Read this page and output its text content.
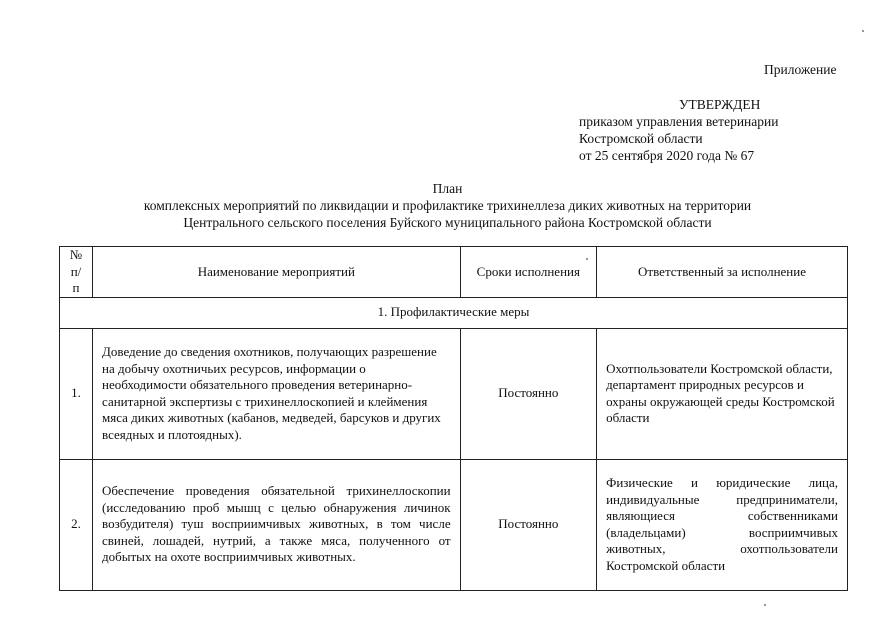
Приложение
УТВЕРЖДЕН
приказом управления ветеринарии
Костромской области
от 25 сентября 2020 года № 67
План
комплексных мероприятий по ликвидации и профилактике трихинеллеза диких животных на территории
Центрального сельского поселения Буйского муниципального района Костромской области
№ п/п	Наименование мероприятий	Сроки исполнения	Ответственный за исполнение
1. Профилактические меры			
1.	Доведение до сведения охотников, получающих разрешение на добычу охотничьих ресурсов, информации о необходимости обязательного проведения ветеринарно-санитарной экспертизы с трихинеллоскопией и клеймения мяса диких животных (кабанов, медведей, барсуков и других всеядных и плотоядных).	Постоянно	Охотпользователи Костромской области, департамент природных ресурсов и охраны окружающей среды Костромской области

2.	Обеспечение проведения обязательной трихинеллоскопии (исследованию проб мышц с целью обнаружения личинок возбудителя) туш восприимчивых животных, в том числе свиней, лошадей, нутрий, а также мяса, полученного от добытых на охоте восприимчивых животных.	Постоянно	Физические и юридические лица, индивидуальные предприниматели, являющиеся собственниками (владельцами) восприимчивых животных, охотпользователи Костромской области
